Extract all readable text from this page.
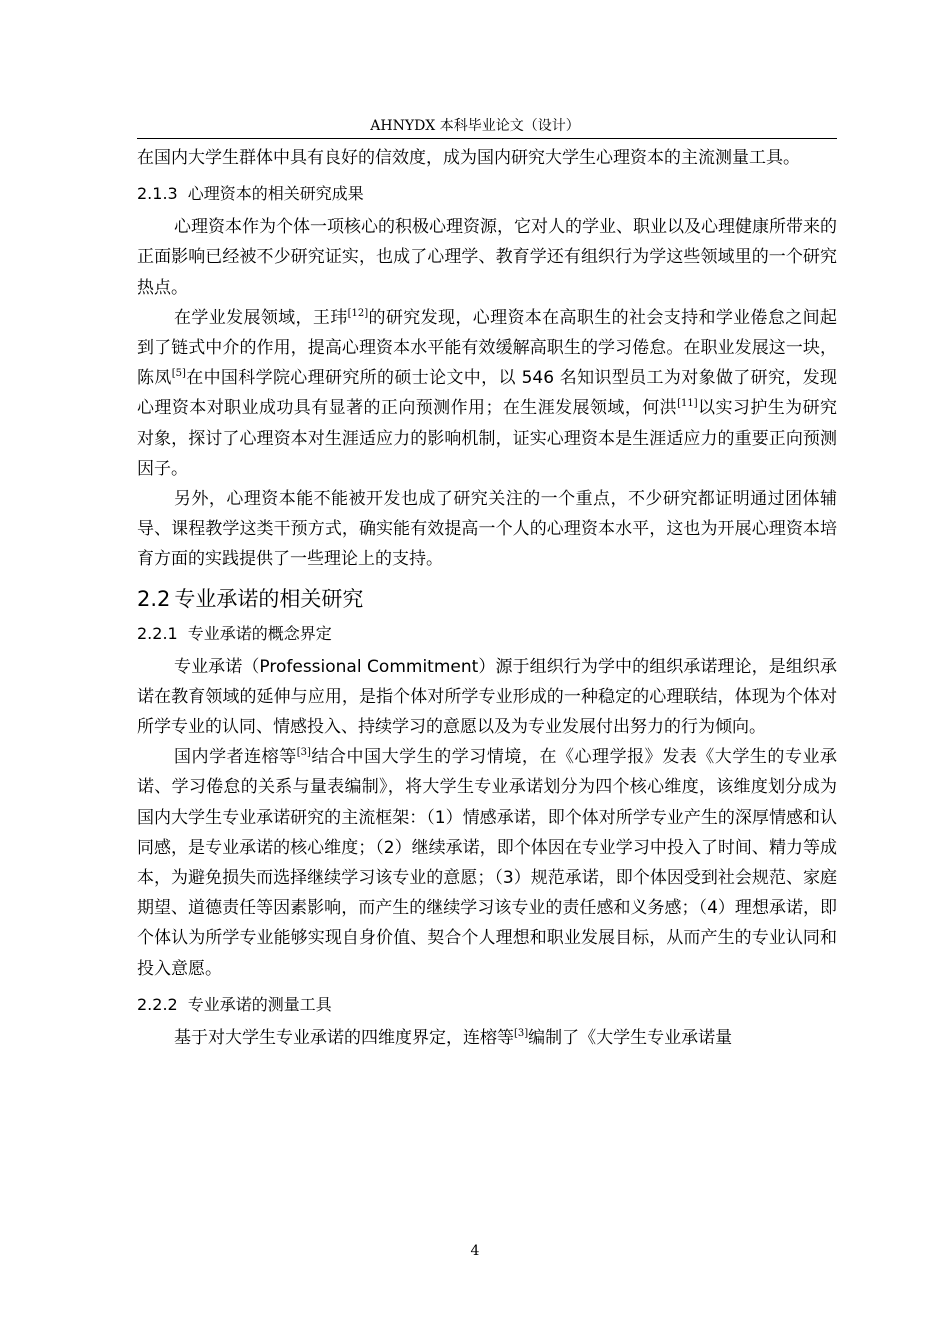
AHNYDX 本科毕业论文（设计）

在国内大学生群体中具有良好的信效度，成为国内研究大学生心理资本的主流测量工具。

2.1.3 心理资本的相关研究成果

心理资本作为个体一项核心的积极心理资源，它对人的学业、职业以及心理健康所带来的正面影响已经被不少研究证实，也成了心理学、教育学还有组织行为学这些领域里的一个研究热点。

在学业发展领域，王玮[12]的研究发现，心理资本在高职生的社会支持和学业倦怠之间起到了链式中介的作用，提高心理资本水平能有效缓解高职生的学习倦怠。在职业发展这一块，陈凤[5]在中国科学院心理研究所的硕士论文中，以 546 名知识型员工为对象做了研究，发现心理资本对职业成功具有显著的正向预测作用；在生涯发展领域，何洪[11]以实习护生为研究对象，探讨了心理资本对生涯适应力的影响机制，证实心理资本是生涯适应力的重要正向预测因子。

另外，心理资本能不能被开发也成了研究关注的一个重点，不少研究都证明通过团体辅导、课程教学这类干预方式，确实能有效提高一个人的心理资本水平，这也为开展心理资本培育方面的实践提供了一些理论上的支持。

2.2 专业承诺的相关研究
2.2.1 专业承诺的概念界定

专业承诺（Professional Commitment）源于组织行为学中的组织承诺理论，是组织承诺在教育领域的延伸与应用，是指个体对所学专业形成的一种稳定的心理联结，体现为个体对所学专业的认同、情感投入、持续学习的意愿以及为专业发展付出努力的行为倾向。

国内学者连榕等[3]结合中国大学生的学习情境，在《心理学报》发表《大学生的专业承诺、学习倦怠的关系与量表编制》，将大学生专业承诺划分为四个核心维度，该维度划分成为国内大学生专业承诺研究的主流框架：（1）情感承诺，即个体对所学专业产生的深厚情感和认同感，是专业承诺的核心维度；（2）继续承诺，即个体因在专业学习中投入了时间、精力等成本，为避免损失而选择继续学习该专业的意愿；（3）规范承诺，即个体因受到社会规范、家庭期望、道德责任等因素影响，而产生的继续学习该专业的责任感和义务感；（4）理想承诺，即个体认为所学专业能够实现自身价值、契合个人理想和职业发展目标，从而产生的专业认同和投入意愿。

2.2.2 专业承诺的测量工具

基于对大学生专业承诺的四维度界定，连榕等[3]编制了《大学生专业承诺量

4
